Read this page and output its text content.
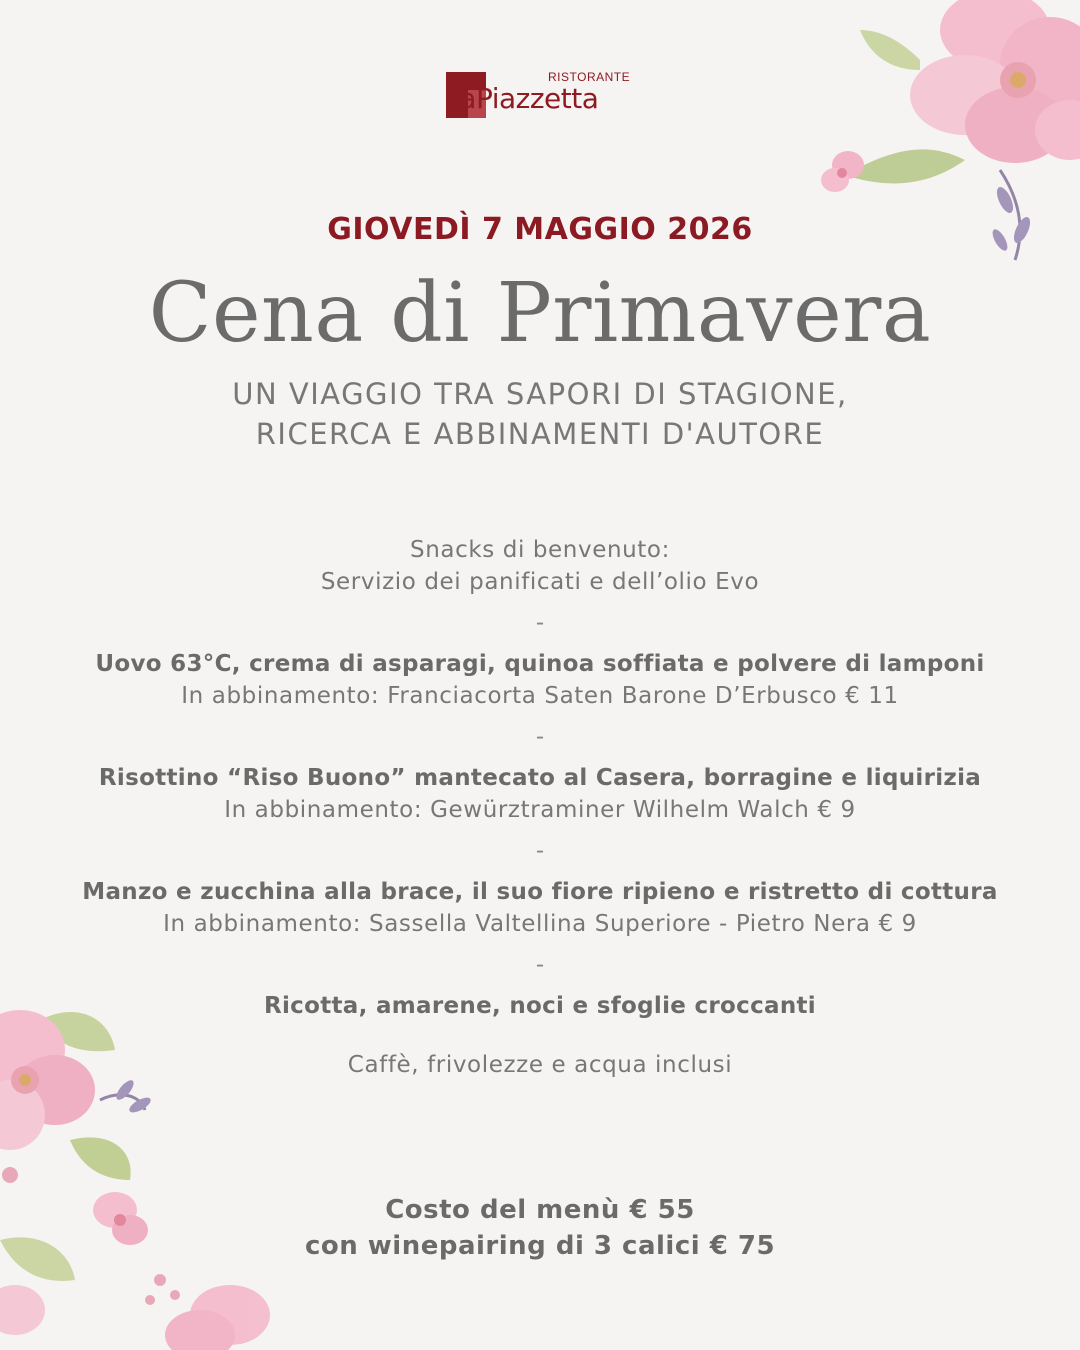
RISTORANTE
laPiazzetta
GIOVEDÌ 7 MAGGIO 2026
Cena di Primavera
UN VIAGGIO TRA SAPORI DI STAGIONE,
RICERCA E ABBINAMENTI D'AUTORE
Snacks di benvenuto:
Servizio dei panificati e dell’olio Evo
-
Uovo 63°C, crema di asparagi, quinoa soffiata e polvere di lamponi
In abbinamento: Franciacorta Saten Barone D’Erbusco € 11
-
Risottino “Riso Buono” mantecato al Casera, borragine e liquirizia
In abbinamento: Gewürztraminer Wilhelm Walch € 9
-
Manzo e zucchina alla brace, il suo fiore ripieno e ristretto di cottura
In abbinamento: Sassella Valtellina Superiore - Pietro Nera € 9
-
Ricotta, amarene, noci e sfoglie croccanti
Caffè, frivolezze e acqua inclusi
Costo del menù € 55
con winepairing di 3 calici € 75
